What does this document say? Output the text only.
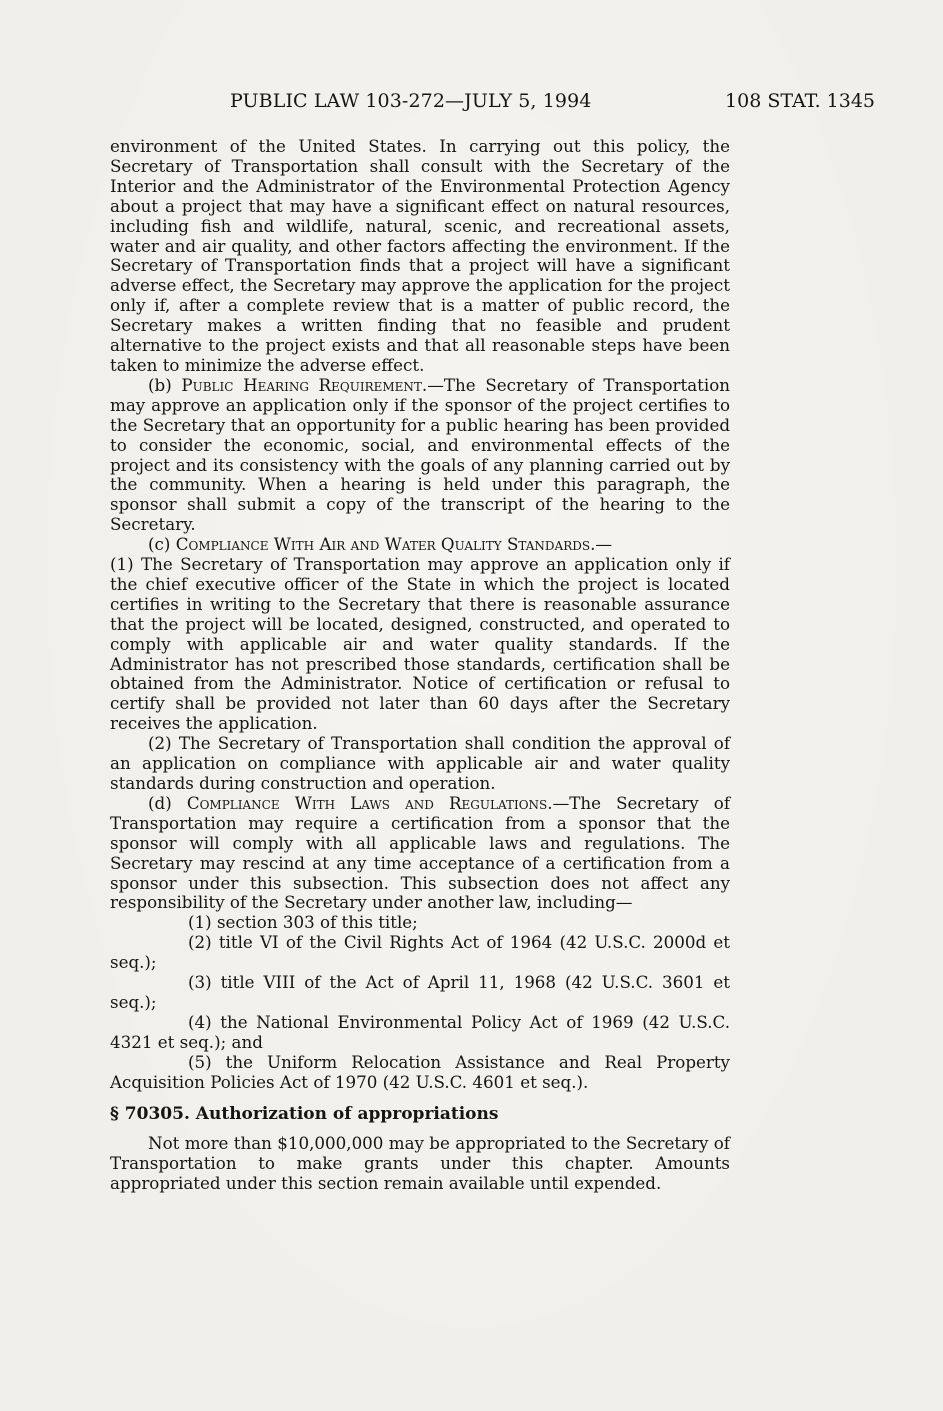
PUBLIC LAW 103-272—JULY 5, 1994	108 STAT. 1345

environment of the United States. In carrying out this policy, the Secretary of Transportation shall consult with the Secretary of the Interior and the Administrator of the Environmental Protection Agency about a project that may have a significant effect on natural resources, including fish and wildlife, natural, scenic, and recreational assets, water and air quality, and other factors affecting the environment. If the Secretary of Transportation finds that a project will have a significant adverse effect, the Secretary may approve the application for the project only if, after a complete review that is a matter of public record, the Secretary makes a written finding that no feasible and prudent alternative to the project exists and that all reasonable steps have been taken to minimize the adverse effect.

(b) Public Hearing Requirement.—The Secretary of Transportation may approve an application only if the sponsor of the project certifies to the Secretary that an opportunity for a public hearing has been provided to consider the economic, social, and environmental effects of the project and its consistency with the goals of any planning carried out by the community. When a hearing is held under this paragraph, the sponsor shall submit a copy of the transcript of the hearing to the Secretary.

(c) Compliance With Air and Water Quality Standards.—

(1) The Secretary of Transportation may approve an application only if the chief executive officer of the State in which the project is located certifies in writing to the Secretary that there is reasonable assurance that the project will be located, designed, constructed, and operated to comply with applicable air and water quality standards. If the Administrator has not prescribed those standards, certification shall be obtained from the Administrator. Notice of certification or refusal to certify shall be provided not later than 60 days after the Secretary receives the application.

(2) The Secretary of Transportation shall condition the approval of an application on compliance with applicable air and water quality standards during construction and operation.

(d) Compliance With Laws and Regulations.—The Secretary of Transportation may require a certification from a sponsor that the sponsor will comply with all applicable laws and regulations. The Secretary may rescind at any time acceptance of a certification from a sponsor under this subsection. This subsection does not affect any responsibility of the Secretary under another law, including—

(1) section 303 of this title;

(2) title VI of the Civil Rights Act of 1964 (42 U.S.C. 2000d et seq.);

(3) title VIII of the Act of April 11, 1968 (42 U.S.C. 3601 et seq.);

(4) the National Environmental Policy Act of 1969 (42 U.S.C. 4321 et seq.); and

(5) the Uniform Relocation Assistance and Real Property Acquisition Policies Act of 1970 (42 U.S.C. 4601 et seq.).

§ 70305. Authorization of appropriations

Not more than $10,000,000 may be appropriated to the Secretary of Transportation to make grants under this chapter. Amounts appropriated under this section remain available until expended.
